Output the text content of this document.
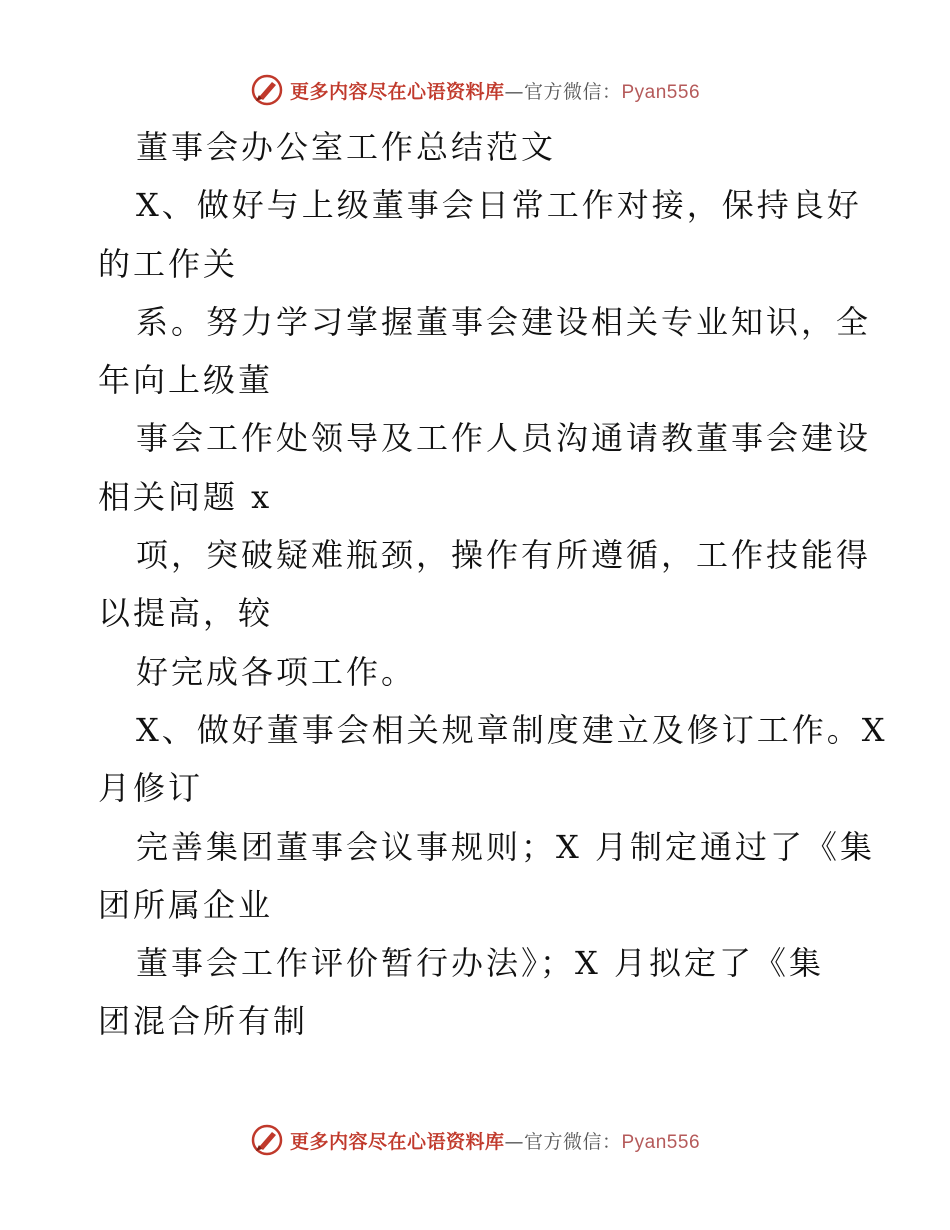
更多内容尽在心语资料库—官方微信：Pyan556
董事会办公室工作总结范文
X、做好与上级董事会日常工作对接，保持良好
的工作关
系。努力学习掌握董事会建设相关专业知识，全
年向上级董
事会工作处领导及工作人员沟通请教董事会建设
相关问题 x
项，突破疑难瓶颈，操作有所遵循，工作技能得
以提高，较
好完成各项工作。
X、做好董事会相关规章制度建立及修订工作。X
月修订
完善集团董事会议事规则；X 月制定通过了《集
团所属企业
董事会工作评价暂行办法》；X 月拟定了《集
团混合所有制
更多内容尽在心语资料库—官方微信：Pyan556
